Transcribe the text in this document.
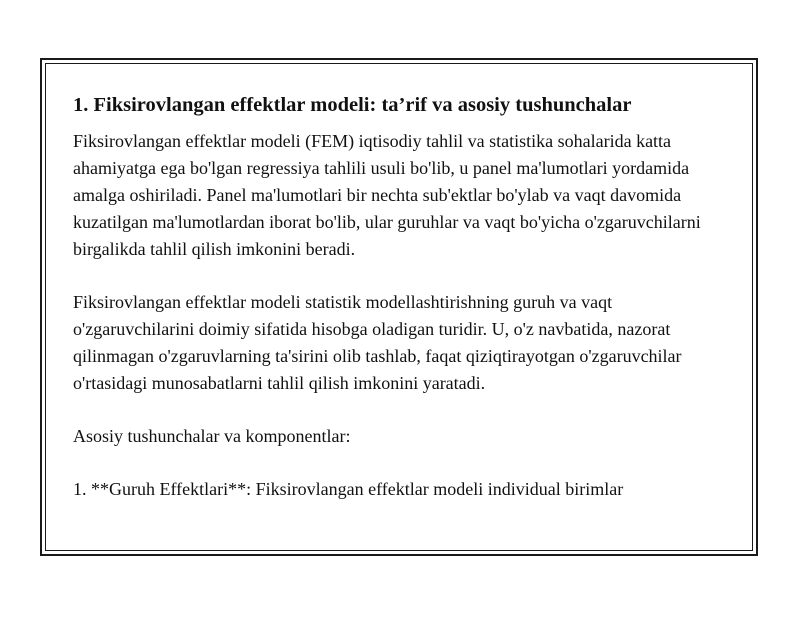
1. Fiksirovlangan effektlar modeli: ta’rif va asosiy tushunchalar

Fiksirovlangan effektlar modeli (FEM) iqtisodiy tahlil va statistika sohalarida katta ahamiyatga ega bo'lgan regressiya tahlili usuli bo'lib, u panel ma'lumotlari yordamida amalga oshiriladi. Panel ma'lumotlari bir nechta sub'ektlar bo'ylab va vaqt davomida kuzatilgan ma'lumotlardan iborat bo'lib, ular guruhlar va vaqt bo'yicha o'zgaruvchilarni birgalikda tahlil qilish imkonini beradi.

Fiksirovlangan effektlar modeli statistik modellashtirishning guruh va vaqt o'zgaruvchilarini doimiy sifatida hisobga oladigan turidir. U, o'z navbatida, nazorat qilinmagan o'zgaruvlarning ta'sirini olib tashlab, faqat qiziqtirayotgan o'zgaruvchilar o'rtasidagi munosabatlarni tahlil qilish imkonini yaratadi.

Asosiy tushunchalar va komponentlar:

1. **Guruh Effektlari**: Fiksirovlangan effektlar modeli individual birimlar
